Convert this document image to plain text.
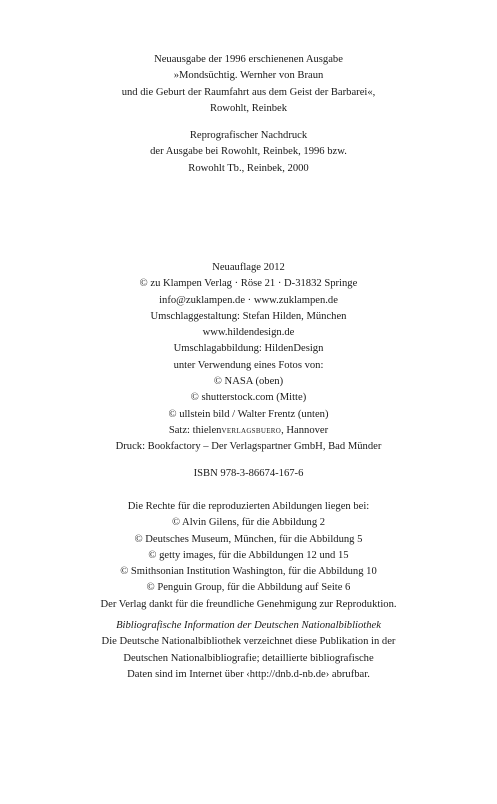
Neuausgabe der 1996 erschienenen Ausgabe
»Mondsüchtig. Wernher von Braun
und die Geburt der Raumfahrt aus dem Geist der Barbarei«,
Rowohlt, Reinbek
Reprografischer Nachdruck
der Ausgabe bei Rowohlt, Reinbek, 1996 bzw.
Rowohlt Tb., Reinbek, 2000
Neuauflage 2012
© zu Klampen Verlag · Röse 21 · D-31832 Springe
info@zuklampen.de · www.zuklampen.de
Umschlaggestaltung: Stefan Hilden, München
www.hildendesign.de
Umschlagabbildung: HildenDesign
unter Verwendung eines Fotos von:
© NASA (oben)
© shutterstock.com (Mitte)
© ullstein bild / Walter Frentz (unten)
Satz: thielenverlagsbuero, Hannover
Druck: Bookfactory – Der Verlagspartner GmbH, Bad Münder
ISBN 978-3-86674-167-6
Die Rechte für die reproduzierten Abildungen liegen bei:
© Alvin Gilens, für die Abbildung 2
© Deutsches Museum, München, für die Abbildung 5
© getty images, für die Abbildungen 12 und 15
© Smithsonian Institution Washington, für die Abbildung 10
© Penguin Group, für die Abbildung auf Seite 6
Der Verlag dankt für die freundliche Genehmigung zur Reproduktion.
Bibliografische Information der Deutschen Nationalbibliothek
Die Deutsche Nationalbibliothek verzeichnet diese Publikation in der
Deutschen Nationalbibliografie; detaillierte bibliografische
Daten sind im Internet über ‹http://dnb.d-nb.de› abrufbar.
